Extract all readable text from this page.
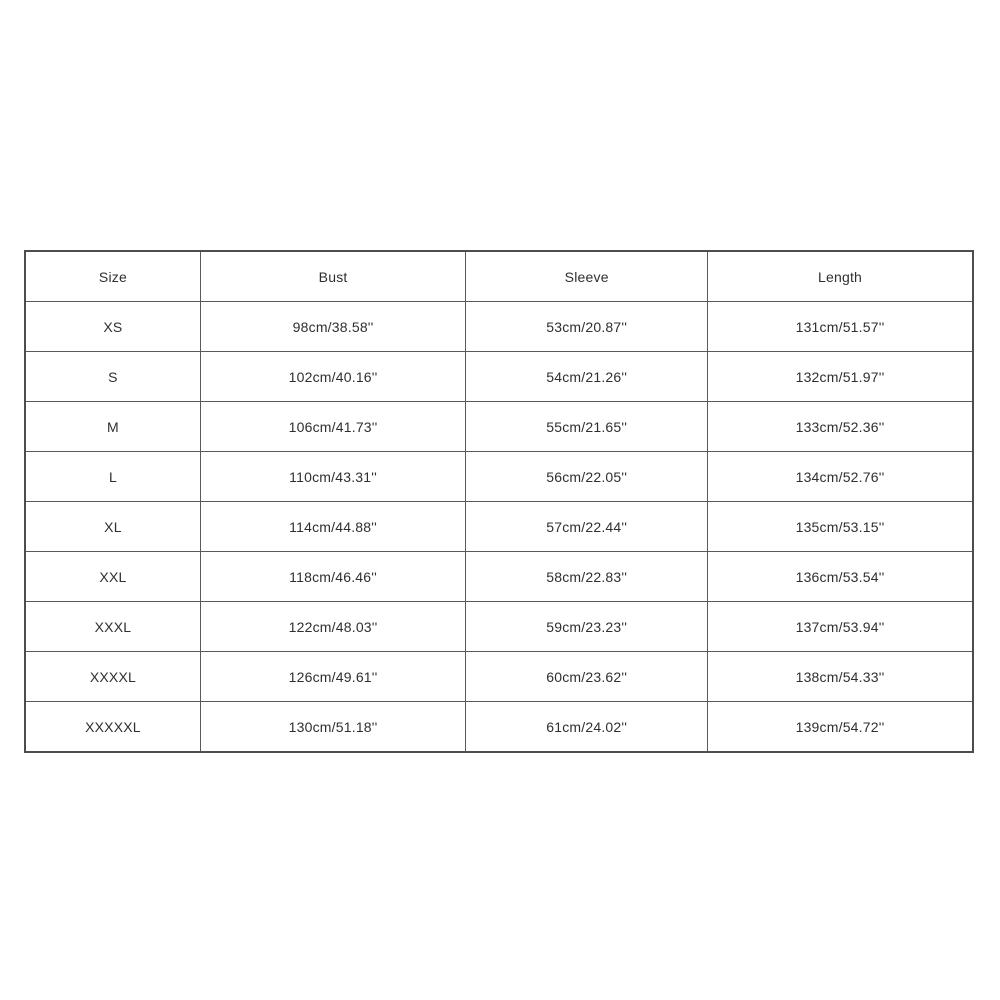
Size	Bust	Sleeve	Length
XS	98cm/38.58''	53cm/20.87''	131cm/51.57''
S	102cm/40.16''	54cm/21.26''	132cm/51.97''
M	106cm/41.73''	55cm/21.65''	133cm/52.36''
L	110cm/43.31''	56cm/22.05''	134cm/52.76''
XL	114cm/44.88''	57cm/22.44''	135cm/53.15''
XXL	118cm/46.46''	58cm/22.83''	136cm/53.54''
XXXL	122cm/48.03''	59cm/23.23''	137cm/53.94''
XXXXL	126cm/49.61''	60cm/23.62''	138cm/54.33''
XXXXXL	130cm/51.18''	61cm/24.02''	139cm/54.72''
